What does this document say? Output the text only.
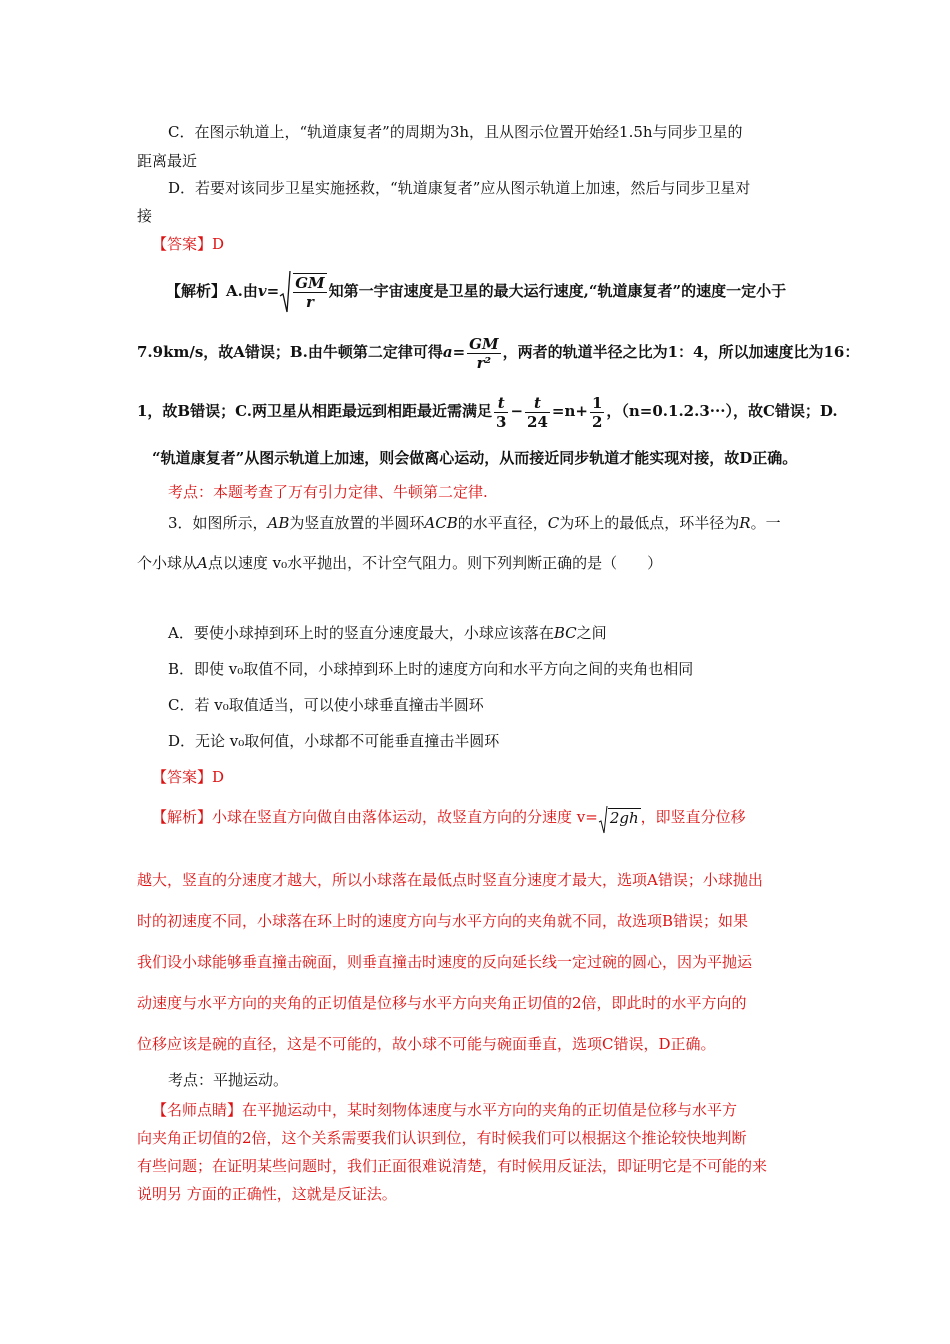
C．在图示轨道上，“轨道康复者”的周期为3h，且从图示位置开始经1.5h与同步卫星的
距离最近
D．若要对该同步卫星实施拯救，“轨道康复者”应从图示轨道上加速，然后与同步卫星对
接
【答案】D
【解析】A.由$v= \frac{GM}{r}$ 知第一宇宙速度是卫星的最大运行速度,“轨道康复者”的速度一定小于
7.9km/s，故A错误；B.由牛顿第二定律可得$a= \frac{GM}{\text{r²}}$ ，两者的轨道半径之比为1：4，所以加速度比为16：
1，故B错误；C.两卫星从相距最远到相距最近需满足 $\frac{t}{3} - \frac{t}{24} =n+ \frac{1}{2}$ ，（n=0.1.2.3···），故C错误；D.
“轨道康复者”从图示轨道上加速，则会做离心运动，从而接近同步轨道才能实现对接，故D正确。
考点：本题考查了万有引力定律、牛顿第二定律.
3．如图所示，AB为竖直放置的半圆环ACB的水平直径，C为环上的最低点，环半径为R。一
个小球从A点以速度 v₀水平抛出，不计空气阻力。则下列判断正确的是（　　）
A．要使小球掉到环上时的竖直分速度最大，小球应该落在BC之间
B．即使 v₀取值不同，小球掉到环上时的速度方向和水平方向之间的夹角也相同
C．若 v₀取值适当，可以使小球垂直撞击半圆环
D．无论 v₀取何值，小球都不可能垂直撞击半圆环
【答案】D
【解析】小球在竖直方向做自由落体运动，故竖直方向的分速度 v= 2gh ，即竖直分位移
越大，竖直的分速度才越大，所以小球落在最低点时竖直分速度才最大，选项A错误；小球抛出
时的初速度不同，小球落在环上时的速度方向与水平方向的夹角就不同，故选项B错误；如果
我们设小球能够垂直撞击碗面，则垂直撞击时速度的反向延长线一定过碗的圆心，因为平抛运
动速度与水平方向的夹角的正切值是位移与水平方向夹角正切值的2倍，即此时的水平方向的
位移应该是碗的直径，这是不可能的，故小球不可能与碗面垂直，选项C错误，D正确。
考点：平抛运动。
【名师点睛】在平抛运动中，某时刻物体速度与水平方向的夹角的正切值是位移与水平方
向夹角正切值的2倍，这个关系需要我们认识到位，有时候我们可以根据这个推论较快地判断
有些问题；在证明某些问题时，我们正面很难说清楚，有时候用反证法，即证明它是不可能的来
说明另 方面的正确性，这就是反证法。
